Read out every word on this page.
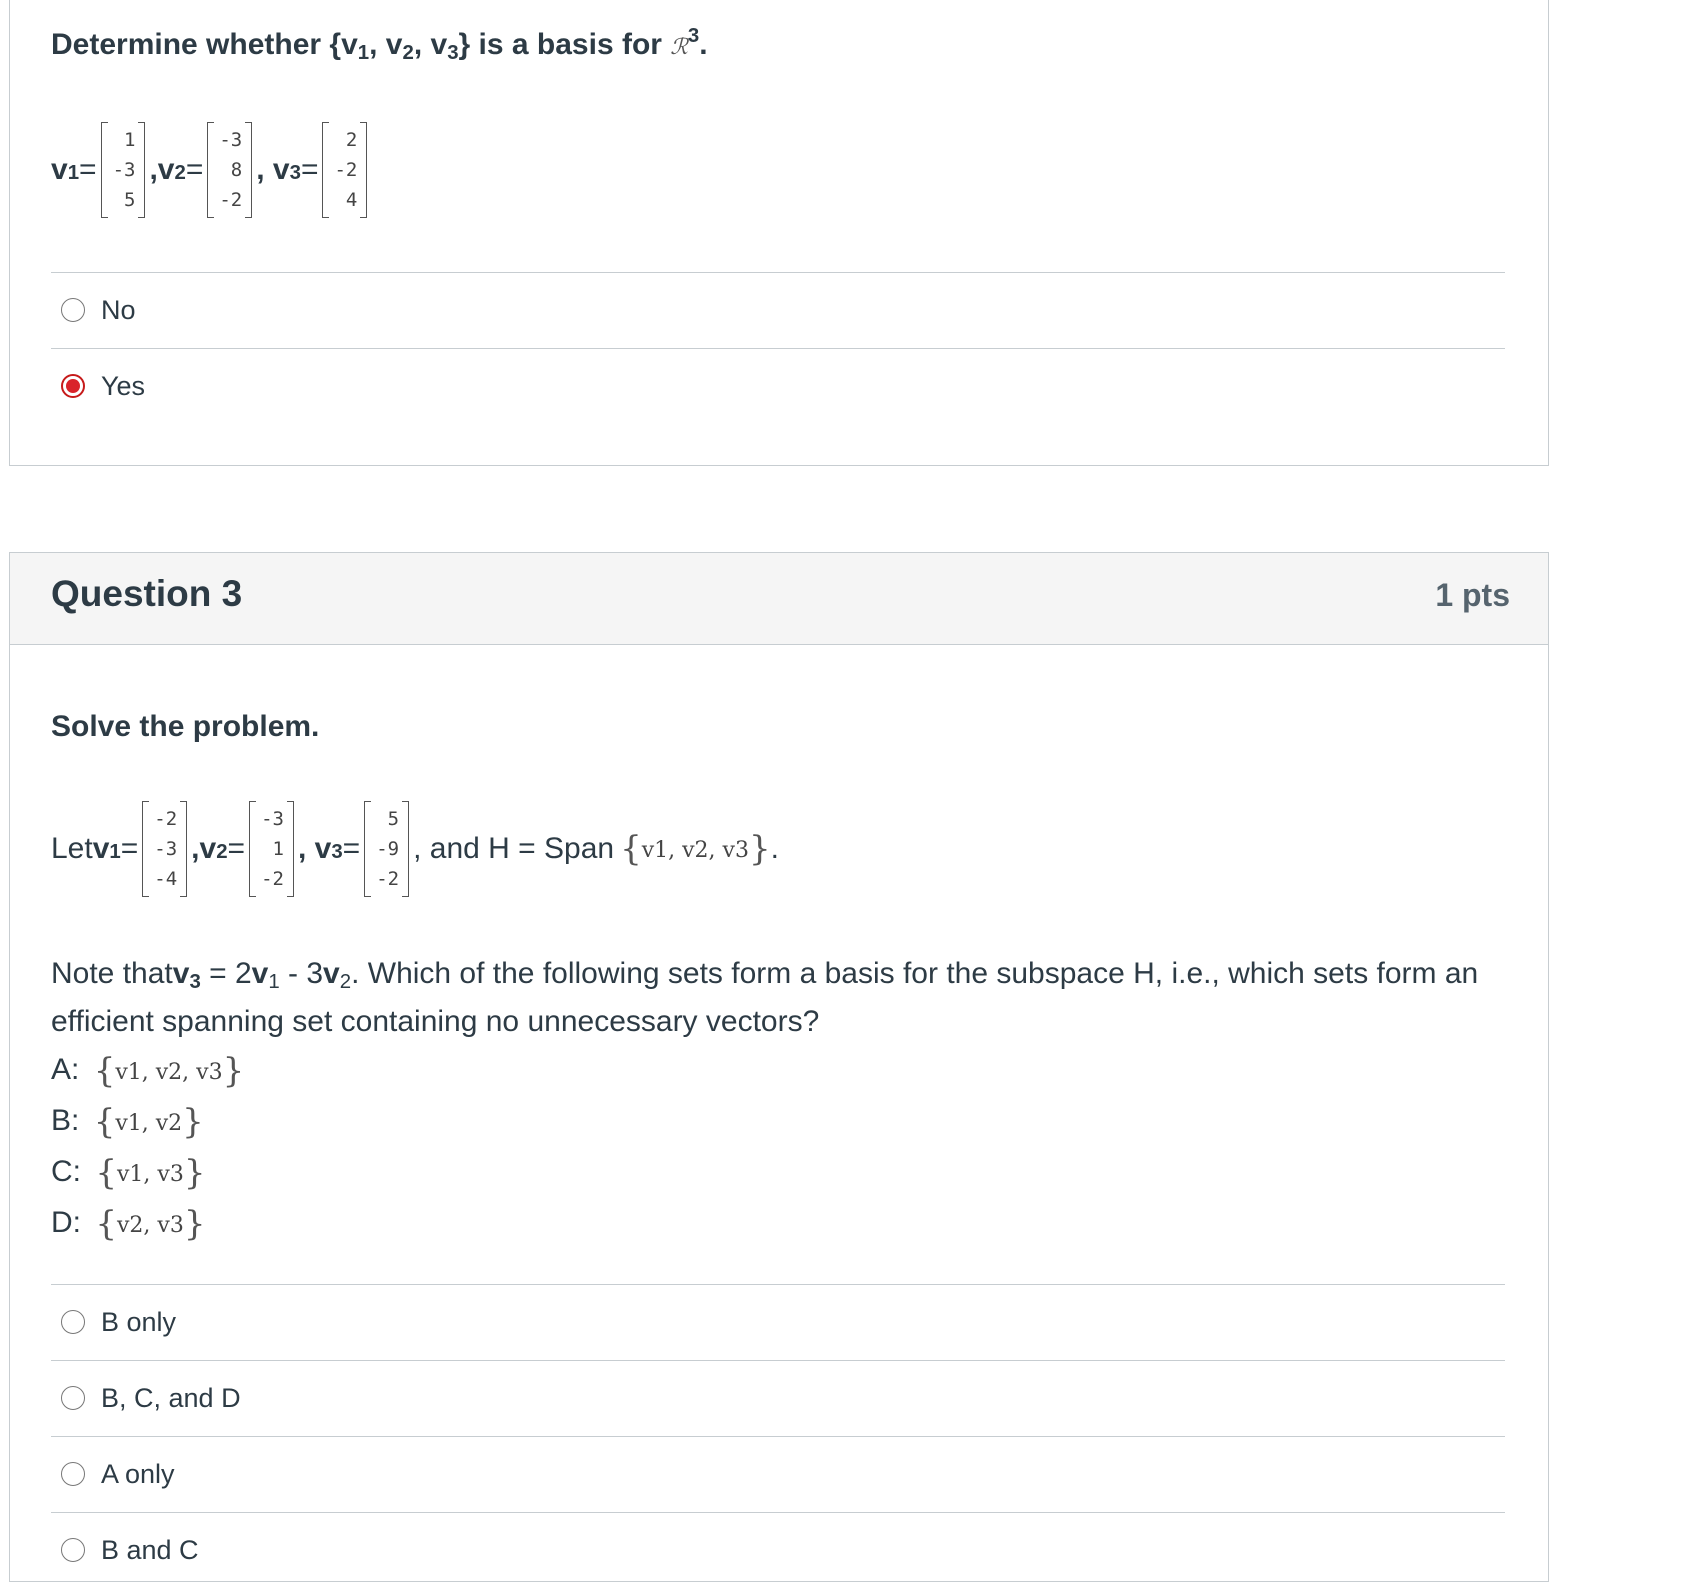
Determine whether {$v_1$, $v_2$, $v_3$} is a basis for ℛ$^3$.
v 1 =
1
-3
5
,v 2 =
-3
8
-2
, v 3 =
2
-2
4
No
Yes
Question 3	1 pts
Solve the problem.
Let v 1 =
-2
-3
-4
,v 2 =
-3
1
-2
, v 3 =
5
-9
-2
, and H = Span {v1, v2, v3} .
Note thatv$_3$ = $2v_1 - 3v_2$. Which of the following sets form a basis for the subspace H, i.e., which sets form an efficient spanning set containing no unnecessary vectors?
A: {v1, v2, v3}
B: {v1, v2}
C: {v1, v3}
D: {v2, v3}
B only
B, C, and D
A only
B and C
